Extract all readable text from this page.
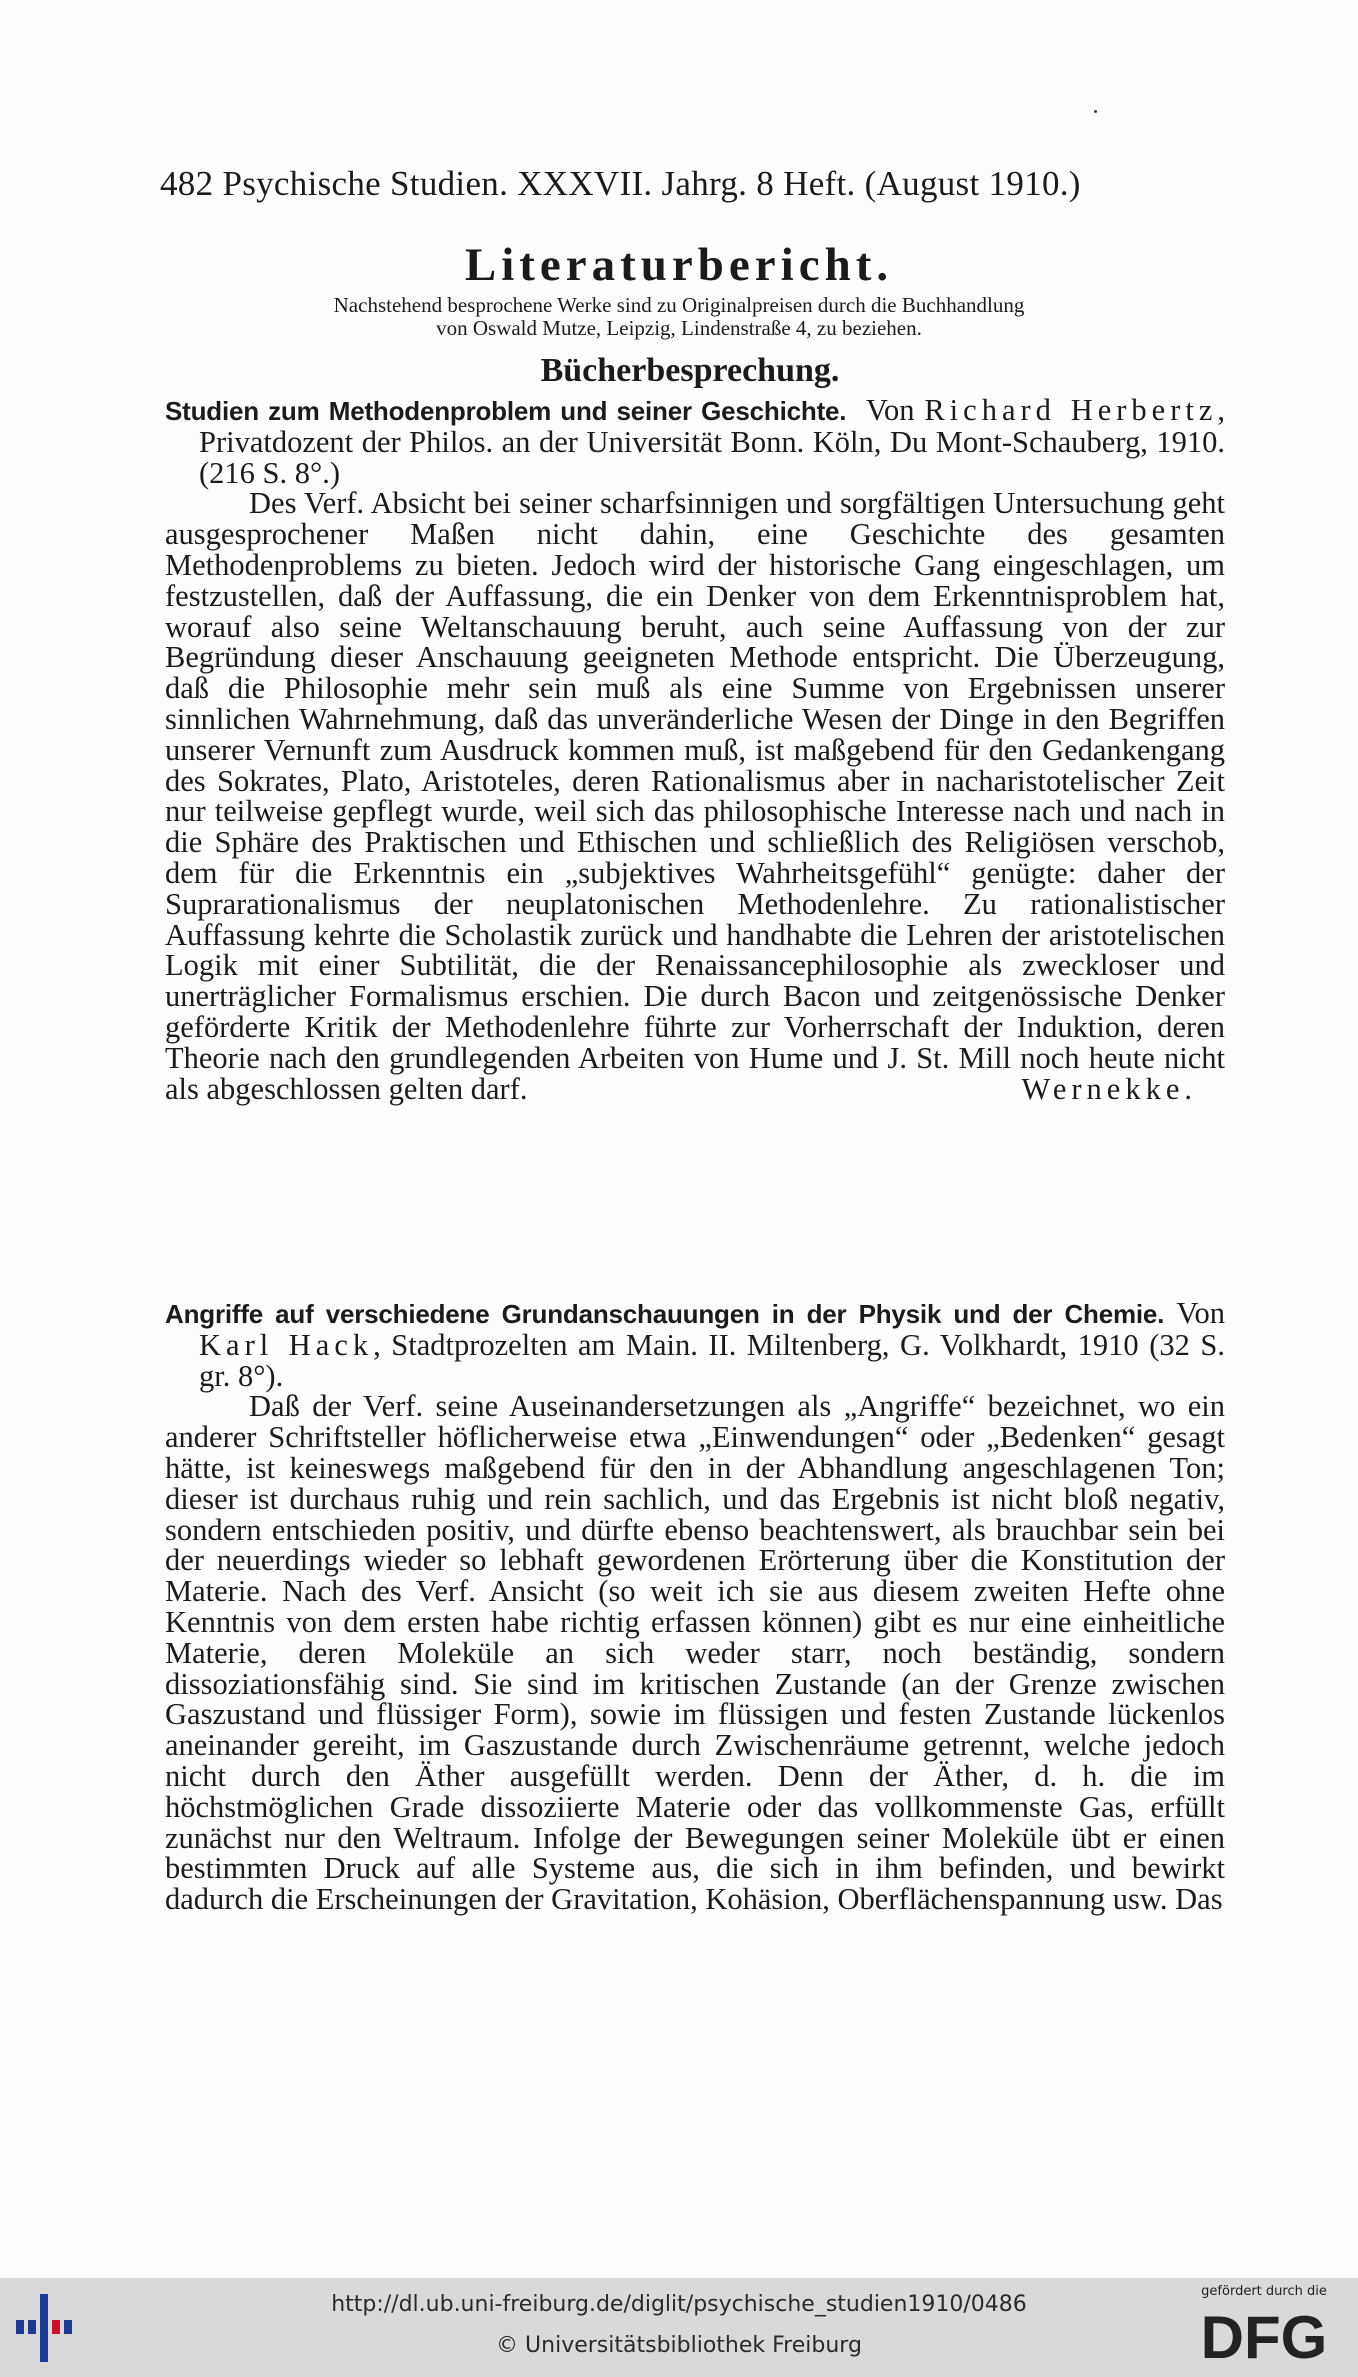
482 Psychische Studien. XXXVII. Jahrg. 8 Heft. (August 1910.)
Literaturbericht.
Nachstehend besprochene Werke sind zu Originalpreisen durch die Buchhandlung
von Oswald Mutze, Leipzig, Lindenstraße 4, zu beziehen.
Bücherbesprechung.
Studien zum Methodenproblem und seiner Geschichte. Von Richard Herbertz, Privatdozent der Philos. an der Universität Bonn. Köln, Du Mont-Schauberg, 1910. (216 S. 8°.)
Des Verf. Absicht bei seiner scharfsinnigen und sorgfältigen Untersuchung geht ausgesprochener Maßen nicht dahin, eine Geschichte des gesamten Methodenproblems zu bieten. Jedoch wird der historische Gang eingeschlagen, um festzustellen, daß der Auffassung, die ein Denker von dem Erkenntnisproblem hat, worauf also seine Weltanschauung beruht, auch seine Auffassung von der zur Begründung dieser Anschauung geeigneten Methode entspricht. Die Überzeugung, daß die Philosophie mehr sein muß als eine Summe von Ergebnissen unserer sinnlichen Wahrnehmung, daß das unveränderliche Wesen der Dinge in den Begriffen unserer Vernunft zum Ausdruck kommen muß, ist maßgebend für den Gedankengang des Sokrates, Plato, Aristoteles, deren Rationalismus aber in nacharistotelischer Zeit nur teilweise gepflegt wurde, weil sich das philosophische Interesse nach und nach in die Sphäre des Praktischen und Ethischen und schließlich des Religiösen verschob, dem für die Erkenntnis ein „subjektives Wahrheitsgefühl“ genügte: daher der Suprarationalismus der neuplatonischen Methodenlehre. Zu rationalistischer Auffassung kehrte die Scholastik zurück und handhabte die Lehren der aristotelischen Logik mit einer Subtilität, die der Renaissancephilosophie als zweckloser und unerträglicher Formalismus erschien. Die durch Bacon und zeitgenössische Denker geförderte Kritik der Methodenlehre führte zur Vorherrschaft der Induktion, deren Theorie nach den grundlegenden Arbeiten von Hume und J. St. Mill noch heute nicht als abgeschlossen gelten darf.	Wernekke.
Angriffe auf verschiedene Grundanschauungen in der Physik und der Chemie. Von Karl Hack, Stadtprozelten am Main. II. Miltenberg, G. Volkhardt, 1910 (32 S. gr. 8°).
Daß der Verf. seine Auseinandersetzungen als „Angriffe“ bezeichnet, wo ein anderer Schriftsteller höflicherweise etwa „Einwendungen“ oder „Bedenken“ gesagt hätte, ist keineswegs maßgebend für den in der Abhandlung angeschlagenen Ton; dieser ist durchaus ruhig und rein sachlich, und das Ergebnis ist nicht bloß negativ, sondern entschieden positiv, und dürfte ebenso beachtenswert, als brauchbar sein bei der neuerdings wieder so lebhaft gewordenen Erörterung über die Konstitution der Materie. Nach des Verf. Ansicht (so weit ich sie aus diesem zweiten Hefte ohne Kenntnis von dem ersten habe richtig erfassen können) gibt es nur eine einheitliche Materie, deren Moleküle an sich weder starr, noch beständig, sondern dissoziationsfähig sind. Sie sind im kritischen Zustande (an der Grenze zwischen Gaszustand und flüssiger Form), sowie im flüssigen und festen Zustande lückenlos aneinander gereiht, im Gaszustande durch Zwischenräume getrennt, welche jedoch nicht durch den Äther ausgefüllt werden. Denn der Äther, d. h. die im höchstmöglichen Grade dissoziierte Materie oder das vollkommenste Gas, erfüllt zunächst nur den Weltraum. Infolge der Bewegungen seiner Moleküle übt er einen bestimmten Druck auf alle Systeme aus, die sich in ihm befinden, und bewirkt dadurch die Erscheinungen der Gravitation, Kohäsion, Oberflächenspannung usw. Das
http://dl.ub.uni-freiburg.de/diglit/psychische_studien1910/0486
© Universitätsbibliothek Freiburg
gefördert durch die
DFG
